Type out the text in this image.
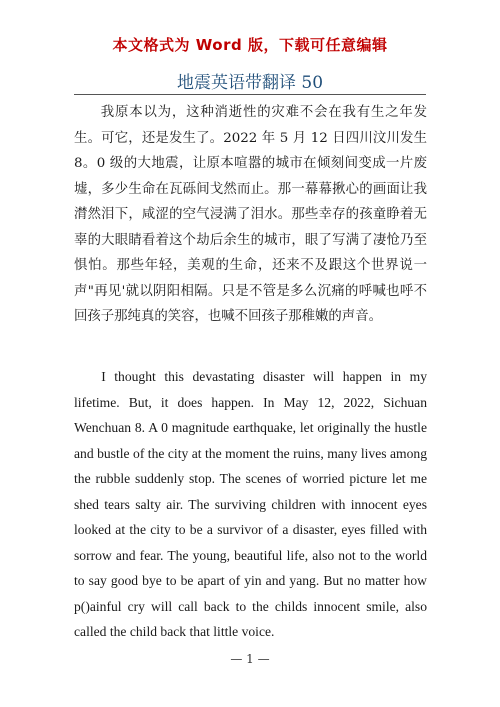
本文格式为 Word 版，下载可任意编辑
地震英语带翻译 50

我原本以为，这种消逝性的灾难不会在我有生之年发生。可它，还是发生了。2022 年 5 月 12 日四川汶川发生 8。0 级的大地震，让原本喧嚣的城市在倾刻间变成一片废墟，多少生命在瓦砾间戈然而止。那一幕幕揪心的画面让我潸然泪下，咸涩的空气浸满了泪水。那些幸存的孩童睁着无辜的大眼睛看着这个劫后余生的城市，眼了写满了凄怆乃至惧怕。那些年轻，美观的生命，还来不及跟这个世界说一声"再见'就以阴阳相隔。只是不管是多么沉痛的呼喊也呼不回孩子那纯真的笑容，也喊不回孩子那稚嫩的声音。

I thought this devastating disaster will happen in my lifetime. But, it does happen. In May 12, 2022, Sichuan Wenchuan 8. A 0 magnitude earthquake, let originally the hustle and bustle of the city at the moment the ruins, many lives among the rubble suddenly stop. The scenes of worried picture let me shed tears salty air. The surviving children with innocent eyes looked at the city to be a survivor of a disaster, eyes filled with sorrow and fear. The young, beautiful life, also not to the world to say good bye to be apart of yin and yang. But no matter how p()ainful cry will call back to the childs innocent smile, also called the child back that little voice.

— 1 —
